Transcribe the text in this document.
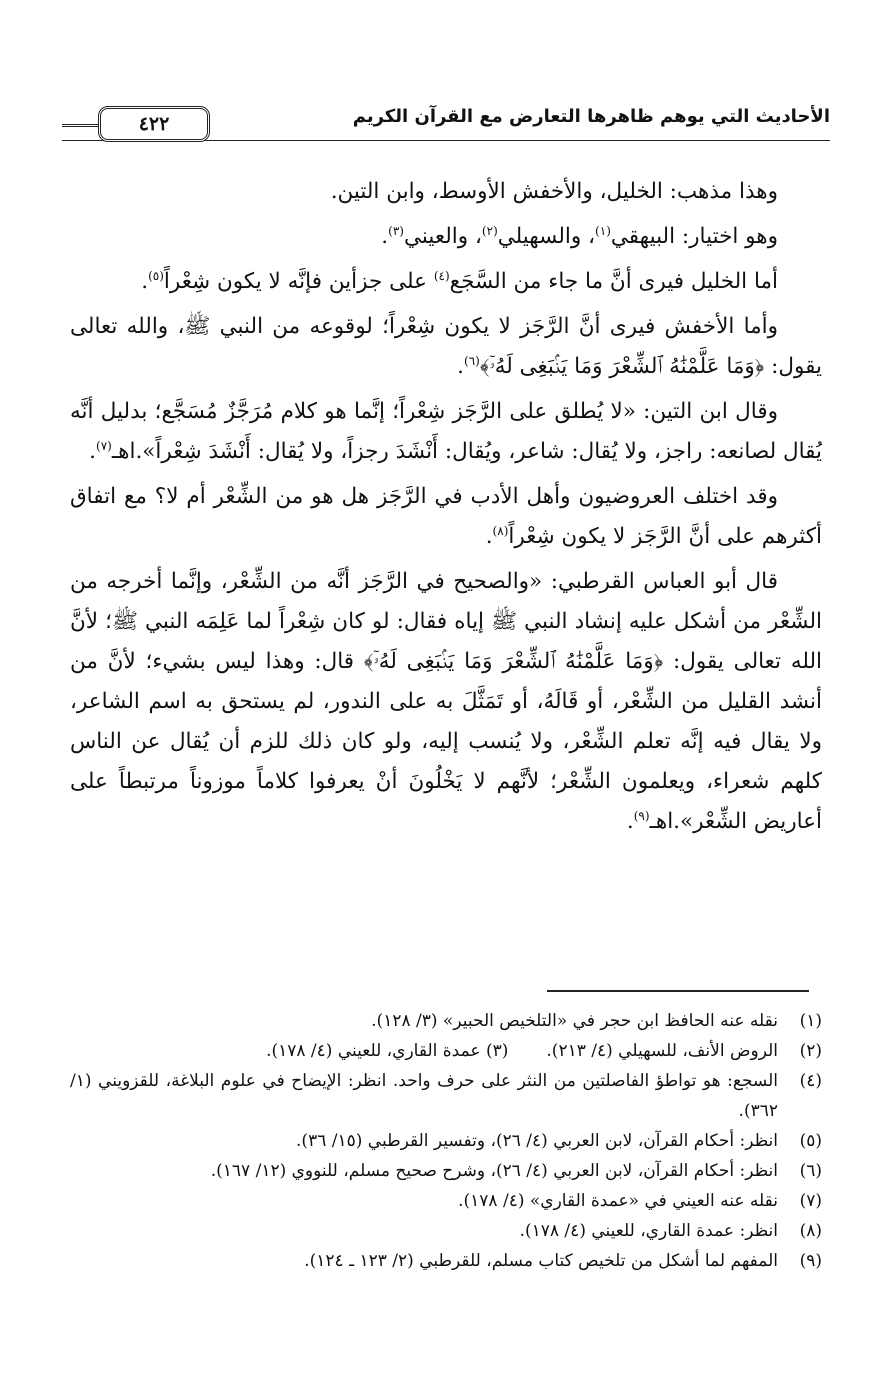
الأحاديث التي يوهم ظاهرها التعارض مع القرآن الكريم
٤٢٢

وهذا مذهب: الخليل، والأخفش الأوسط، وابن التين.

وهو اختيار: البيهقي$^{(١)}$، والسهيلي$^{(٢)}$، والعيني$^{(٣)}$.

أما الخليل فيرى أنَّ ما جاء من السَّجَع$^{(٤)}$ على جزأين فإنَّه لا يكون شِعْراً$^{(٥)}$.

وأما الأخفش فيرى أنَّ الرَّجَز لا يكون شِعْراً؛ لوقوعه من النبي ﷺ، والله تعالى يقول: ﴿وَمَا عَلَّمْنَٰهُ ٱلشِّعْرَ وَمَا يَنۢبَغِى لَهُۥٓ﴾$^{(٦)}$.

وقال ابن التين: «لا يُطلق على الرَّجَز شِعْراً؛ إنَّما هو كلام مُرَجَّزٌ مُسَجَّع؛ بدليل أنَّه يُقال لصانعه: راجز، ولا يُقال: شاعر، ويُقال: أَنْشَدَ رجزاً، ولا يُقال: أَنْشَدَ شِعْراً».اهـ$^{(٧)}$.

وقد اختلف العروضيون وأهل الأدب في الرَّجَز هل هو من الشِّعْر أم لا؟ مع اتفاق أكثرهم على أنَّ الرَّجَز لا يكون شِعْراً$^{(٨)}$.

قال أبو العباس القرطبي: «والصحيح في الرَّجَز أنَّه من الشِّعْر، وإنَّما أخرجه من الشِّعْر من أشكل عليه إنشاد النبي ﷺ إياه فقال: لو كان شِعْراً لما عَلِمَه النبي ﷺ؛ لأنَّ الله تعالى يقول: ﴿وَمَا عَلَّمْنَٰهُ ٱلشِّعْرَ وَمَا يَنۢبَغِى لَهُۥٓ﴾ قال: وهذا ليس بشيء؛ لأنَّ من أنشد القليل من الشِّعْر، أو قَالَهُ، أو تَمَثَّلَ به على الندور، لم يستحق به اسم الشاعر، ولا يقال فيه إنَّه تعلم الشِّعْر، ولا يُنسب إليه، ولو كان ذلك للزم أن يُقال عن الناس كلهم شعراء، ويعلمون الشِّعْر؛ لأنَّهم لا يَخْلُونَ أنْ يعرفوا كلاماً موزوناً مرتبطاً على أعاريض الشِّعْر».اهـ$^{(٩)}$.

(١)
نقله عنه الحافظ ابن حجر في «التلخيص الحبير» (٣/ ١٢٨).
(٢)
الروض الأنف، للسهيلي (٤/ ٢١٣).
(٣)

عمدة القاري، للعيني (٤/ ١٧٨).
(٤)
السجع: هو تواطؤ الفاصلتين من النثر على حرف واحد. انظر: الإيضاح في علوم البلاغة، للقزويني (١/ ٣٦٢).
(٥)
انظر: أحكام القرآن، لابن العربي (٤/ ٢٦)، وتفسير القرطبي (١٥/ ٣٦).
(٦)
انظر: أحكام القرآن، لابن العربي (٤/ ٢٦)، وشرح صحيح مسلم، للنووي (١٢/ ١٦٧).
(٧)
نقله عنه العيني في «عمدة القاري» (٤/ ١٧٨).
(٨)
انظر: عمدة القاري، للعيني (٤/ ١٧٨).
(٩)
المفهم لما أشكل من تلخيص كتاب مسلم، للقرطبي (٢/ ١٢٣ ـ ١٢٤).
